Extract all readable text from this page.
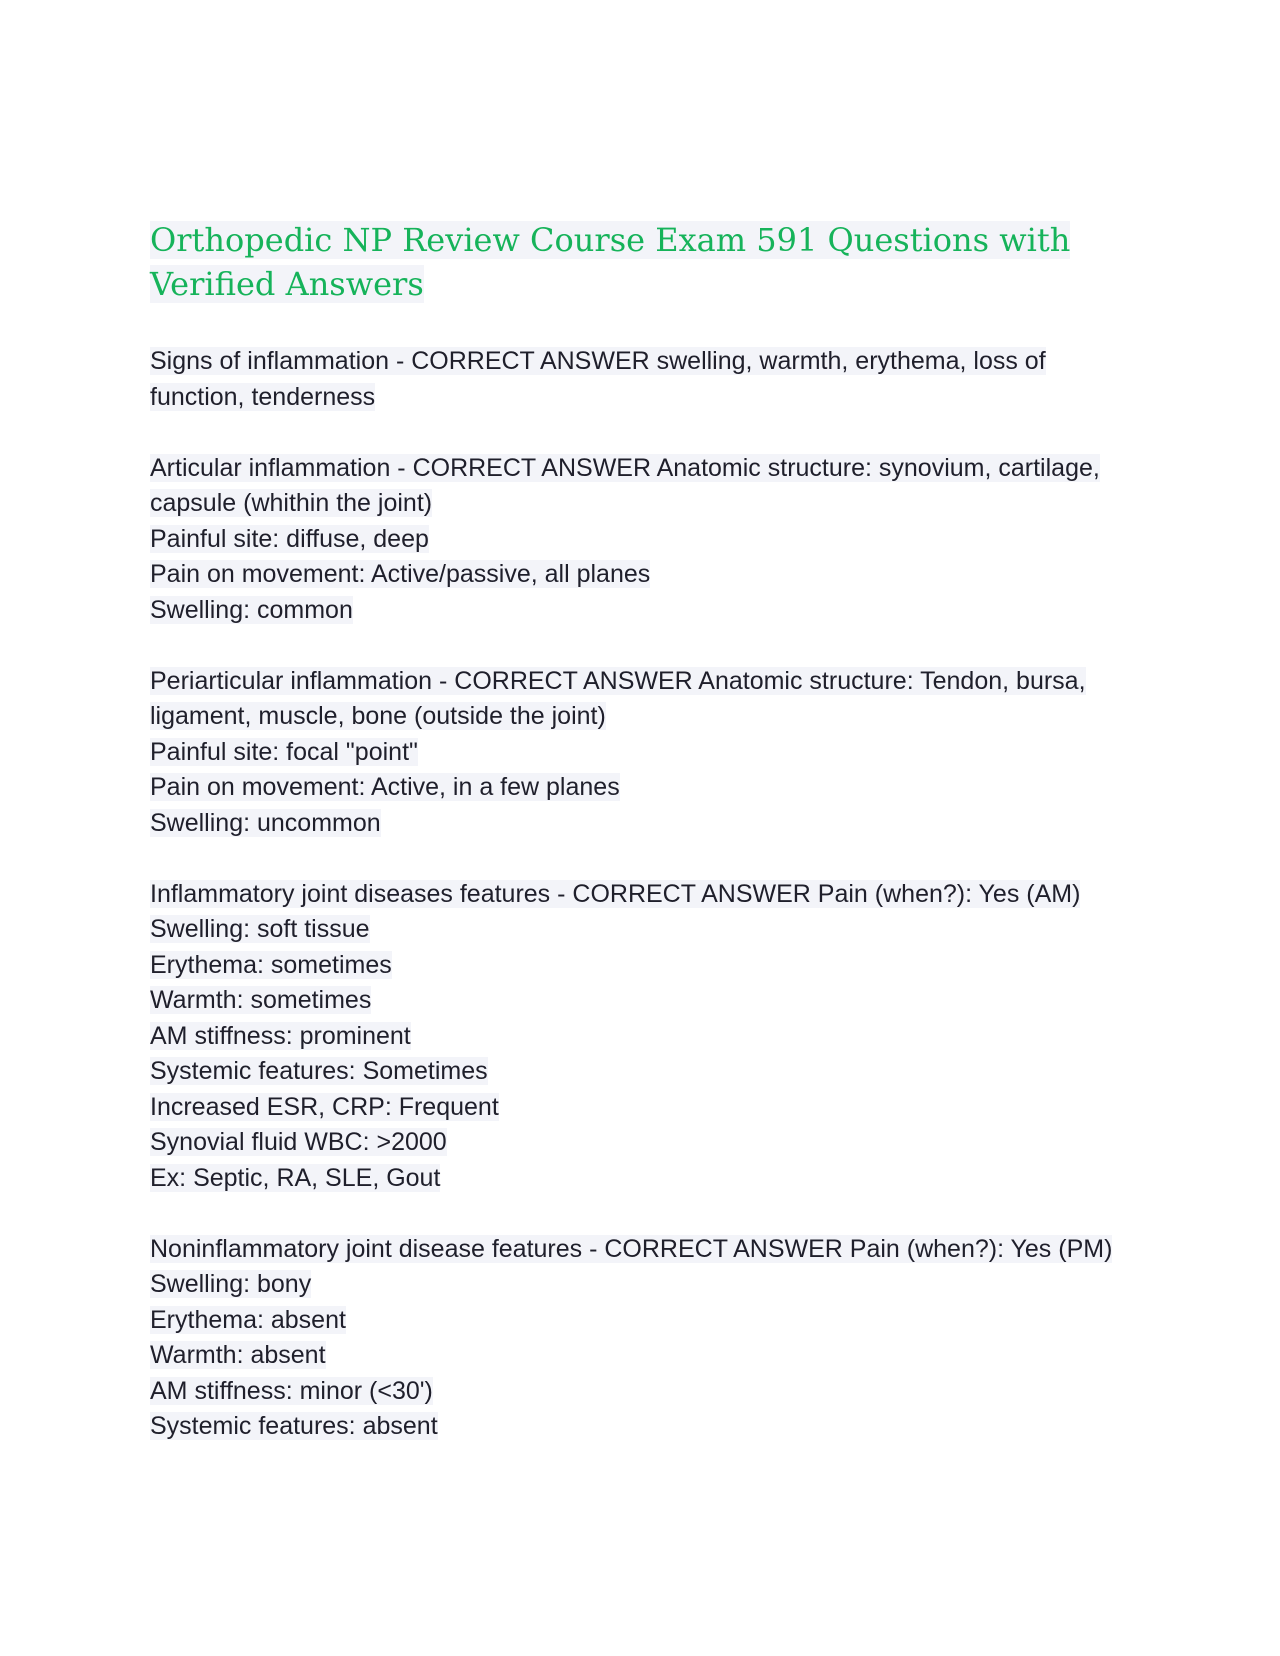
Orthopedic NP Review Course Exam 591 Questions with Verified Answers
Signs of inflammation - CORRECT ANSWER swelling, warmth, erythema, loss of function, tenderness
Articular inflammation - CORRECT ANSWER Anatomic structure: synovium, cartilage, capsule (whithin the joint)
Painful site: diffuse, deep
Pain on movement: Active/passive, all planes
Swelling: common
Periarticular inflammation - CORRECT ANSWER Anatomic structure: Tendon, bursa, ligament, muscle, bone (outside the joint)
Painful site: focal "point"
Pain on movement: Active, in a few planes
Swelling: uncommon
Inflammatory joint diseases features - CORRECT ANSWER Pain (when?): Yes (AM)
Swelling: soft tissue
Erythema: sometimes
Warmth: sometimes
AM stiffness: prominent
Systemic features: Sometimes
Increased ESR, CRP: Frequent
Synovial fluid WBC: >2000
Ex: Septic, RA, SLE, Gout
Noninflammatory joint disease features - CORRECT ANSWER Pain (when?): Yes (PM)
Swelling: bony
Erythema: absent
Warmth: absent
AM stiffness: minor (<30')
Systemic features: absent
